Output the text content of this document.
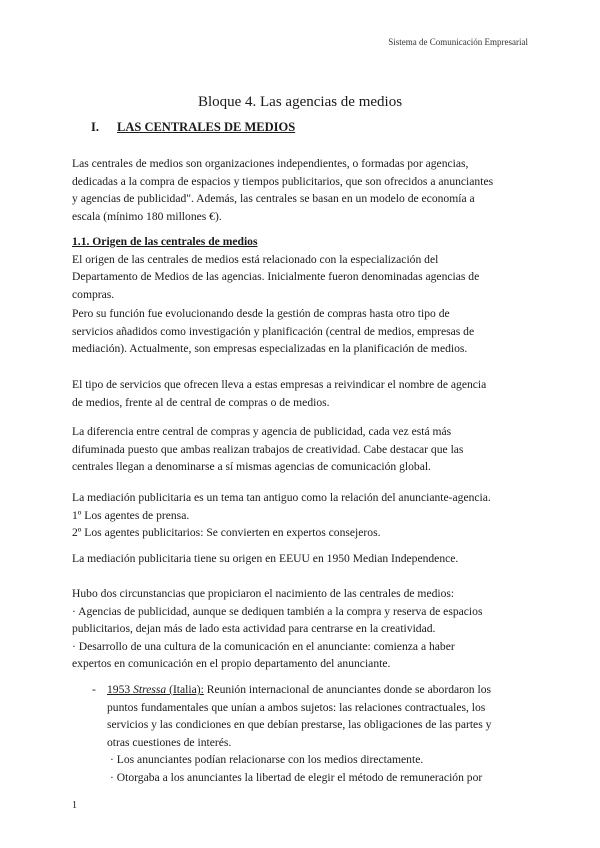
Sistema de Comunicación Empresarial
Bloque 4. Las agencias de medios
I. LAS CENTRALES DE MEDIOS
Las centrales de medios son organizaciones independientes, o formadas por agencias,
dedicadas a la compra de espacios y tiempos publicitarios, que son ofrecidos a anunciantes
y agencias de publicidad". Además, las centrales se basan en un modelo de economía a
escala (mínimo 180 millones €).
1.1. Origen de las centrales de medios
El origen de las centrales de medios está relacionado con la especialización del
Departamento de Medios de las agencias. Inicialmente fueron denominadas agencias de
compras.
Pero su función fue evolucionando desde la gestión de compras hasta otro tipo de
servicios añadidos como investigación y planificación (central de medios, empresas de
mediación). Actualmente, son empresas especializadas en la planificación de medios.
El tipo de servicios que ofrecen lleva a estas empresas a reivindicar el nombre de agencia
de medios, frente al de central de compras o de medios.
La diferencia entre central de compras y agencia de publicidad, cada vez está más
difuminada puesto que ambas realizan trabajos de creatividad. Cabe destacar que las
centrales llegan a denominarse a sí mismas agencias de comunicación global.
La mediación publicitaria es un tema tan antiguo como la relación del anunciante-agencia.
1º Los agentes de prensa.
2º Los agentes publicitarios: Se convierten en expertos consejeros.
La mediación publicitaria tiene su origen en EEUU en 1950 Median Independence.
Hubo dos circunstancias que propiciaron el nacimiento de las centrales de medios:
· Agencias de publicidad, aunque se dediquen también a la compra y reserva de espacios
publicitarios, dejan más de lado esta actividad para centrarse en la creatividad.
· Desarrollo de una cultura de la comunicación en el anunciante: comienza a haber
expertos en comunicación en el propio departamento del anunciante.
- 1953 Stressa (Italia): Reunión internacional de anunciantes donde se abordaron los
puntos fundamentales que unían a ambos sujetos: las relaciones contractuales, los
servicios y las condiciones en que debían prestarse, las obligaciones de las partes y
otras cuestiones de interés.
· Los anunciantes podían relacionarse con los medios directamente.
· Otorgaba a los anunciantes la libertad de elegir el método de remuneración por
1
